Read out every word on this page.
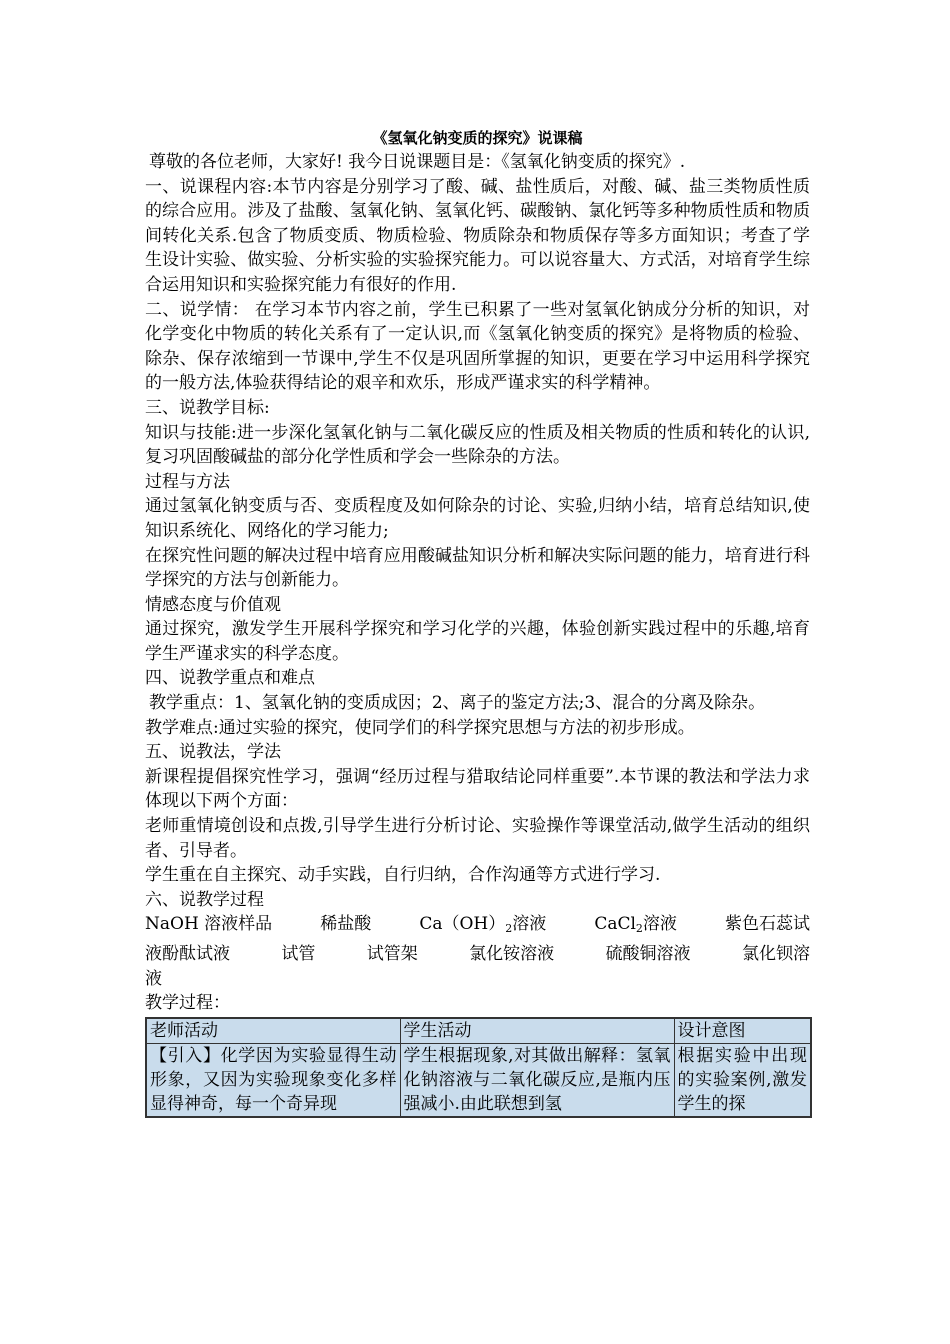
《氢氧化钠变质的探究》说课稿

尊敬的各位老师，大家好! 我今日说课题目是：《氢氧化钠变质的探究》.

一、说课程内容:本节内容是分别学习了酸、碱、盐性质后，对酸、碱、盐三类物质性质的综合应用。涉及了盐酸、氢氧化钠、氢氧化钙、碳酸钠、氯化钙等多种物质性质和物质间转化关系.包含了物质变质、物质检验、物质除杂和物质保存等多方面知识；考查了学生设计实验、做实验、分析实验的实验探究能力。可以说容量大、方式活，对培育学生综合运用知识和实验探究能力有很好的作用.

二、说学情： 在学习本节内容之前，学生已积累了一些对氢氧化钠成分分析的知识，对化学变化中物质的转化关系有了一定认识,而《氢氧化钠变质的探究》是将物质的检验、除杂、保存浓缩到一节课中,学生不仅是巩固所掌握的知识，更要在学习中运用科学探究的一般方法,体验获得结论的艰辛和欢乐，形成严谨求实的科学精神。

三、说教学目标:

知识与技能:进一步深化氢氧化钠与二氧化碳反应的性质及相关物质的性质和转化的认识,复习巩固酸碱盐的部分化学性质和学会一些除杂的方法。

过程与方法

通过氢氧化钠变质与否、变质程度及如何除杂的讨论、实验,归纳小结，培育总结知识,使知识系统化、网络化的学习能力;

在探究性问题的解决过程中培育应用酸碱盐知识分析和解决实际问题的能力，培育进行科学探究的方法与创新能力。

情感态度与价值观

通过探究，激发学生开展科学探究和学习化学的兴趣，体验创新实践过程中的乐趣,培育学生严谨求实的科学态度。

四、说教学重点和难点

教学重点：1、氢氧化钠的变质成因；2、离子的鉴定方法;3、混合的分离及除杂。

教学难点:通过实验的探究，使同学们的科学探究思想与方法的初步形成。

五、说教法，学法

新课程提倡探究性学习，强调“经历过程与猎取结论同样重要”.本节课的教法和学法力求体现以下两个方面：

老师重情境创设和点拨,引导学生进行分析讨论、实验操作等课堂活动,做学生活动的组织者、引导者。

学生重在自主探究、动手实践，自行归纳，合作沟通等方式进行学习.

六、说教学过程

NaOH 溶液样品	稀盐酸	Ca（OH）2溶液	CaCl2溶液	紫色石蕊试
液酚酞试液	试管	试管架	氯化铵溶液	硫酸铜溶液	氯化钡溶
液

教学过程：

老师活动	学生活动	设计意图
【引入】化学因为实验显得生动形象，又因为实验现象变化多样显得神奇，每一个奇异现	学生根据现象,对其做出解释：氢氧化钠溶液与二氧化碳反应,是瓶内压强减小.由此联想到氢	根据实验中出现的实验案例,激发学生的探
